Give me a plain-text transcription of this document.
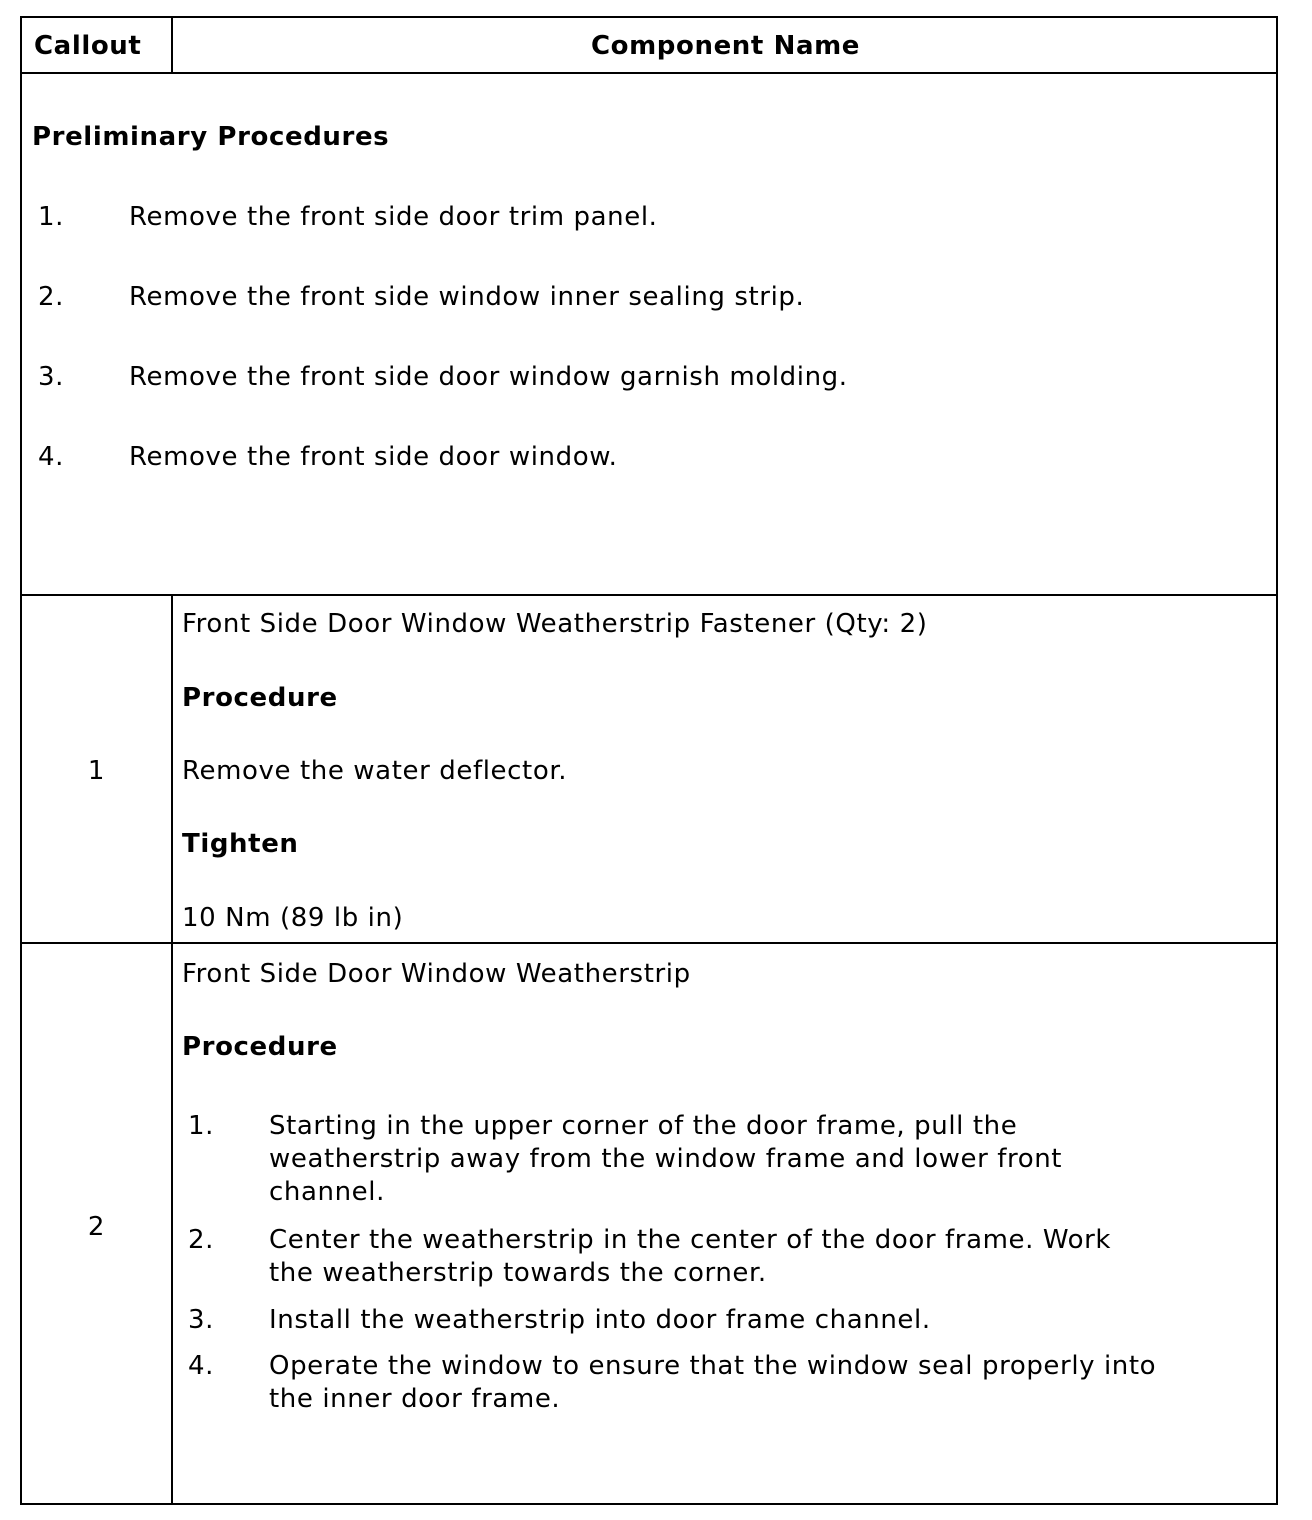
Callout	Component Name
Preliminary Procedures
1. Remove the front side door trim panel.
2. Remove the front side window inner sealing strip.
3. Remove the front side door window garnish molding.
4. Remove the front side door window.
1
Front Side Door Window Weatherstrip Fastener (Qty: 2)
Procedure
Remove the water deflector.
Tighten
10 Nm (89 lb in)
2
Front Side Door Window Weatherstrip
Procedure
1. Starting in the upper corner of the door frame, pull the weatherstrip away from the window frame and lower front channel.
2. Center the weatherstrip in the center of the door frame. Work the weatherstrip towards the corner.
3. Install the weatherstrip into door frame channel.
4. Operate the window to ensure that the window seal properly into the inner door frame.
